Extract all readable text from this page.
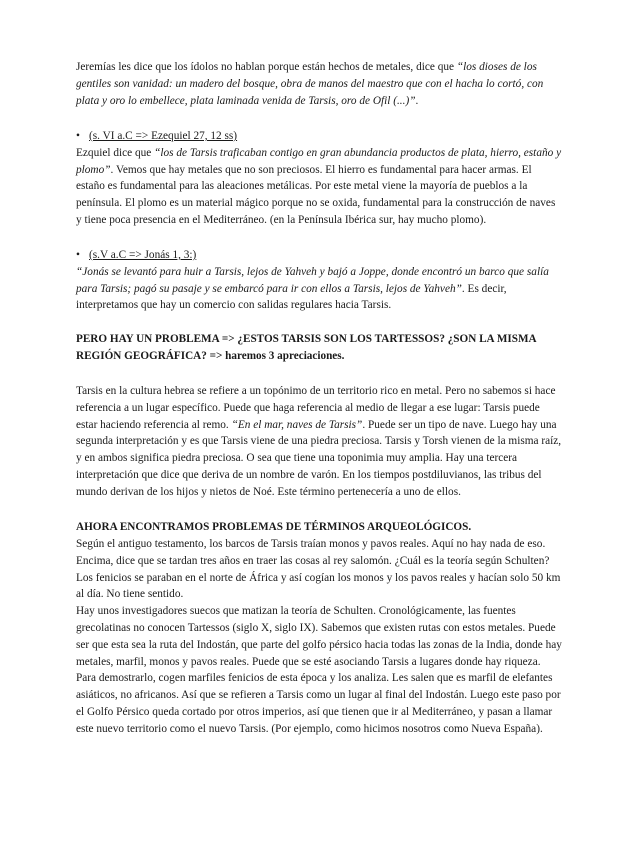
Jeremías les dice que los ídolos no hablan porque están hechos de metales, dice que “los dioses de los gentiles son vanidad: un madero del bosque, obra de manos del maestro que con el hacha lo cortó, con plata y oro lo embellece, plata laminada venida de Tarsis, oro de Ofil (...)”.

• (s. VI a.C => Ezequiel 27, 12 ss)

Ezquiel dice que “los de Tarsis traficaban contigo en gran abundancia productos de plata, hierro, estaño y plomo”. Vemos que hay metales que no son preciosos. El hierro es fundamental para hacer armas. El estaño es fundamental para las aleaciones metálicas. Por este metal viene la mayoría de pueblos a la península. El plomo es un material mágico porque no se oxida, fundamental para la construcción de naves y tiene poca presencia en el Mediterráneo. (en la Península Ibérica sur, hay mucho plomo).

• (s.V a.C => Jonás 1, 3:)

“Jonás se levantó para huir a Tarsis, lejos de Yahveh y bajó a Joppe, donde encontró un barco que salía para Tarsis; pagó su pasaje y se embarcó para ir con ellos a Tarsis, lejos de Yahveh”. Es decir, interpretamos que hay un comercio con salidas regulares hacia Tarsis.

PERO HAY UN PROBLEMA => ¿ESTOS TARSIS SON LOS TARTESSOS? ¿SON LA MISMA REGIÓN GEOGRÁFICA? => haremos 3 apreciaciones.

Tarsis en la cultura hebrea se refiere a un topónimo de un territorio rico en metal. Pero no sabemos si hace referencia a un lugar específico. Puede que haga referencia al medio de llegar a ese lugar: Tarsis puede estar haciendo referencia al remo. “En el mar, naves de Tarsis”. Puede ser un tipo de nave. Luego hay una segunda interpretación y es que Tarsis viene de una piedra preciosa. Tarsis y Torsh vienen de la misma raíz, y en ambos significa piedra preciosa. O sea que tiene una toponimia muy amplia. Hay una tercera interpretación que dice que deriva de un nombre de varón. En los tiempos postdiluvianos, las tribus del mundo derivan de los hijos y nietos de Noé. Este término pertenecería a uno de ellos.

AHORA ENCONTRAMOS PROBLEMAS DE TÉRMINOS ARQUEOLÓGICOS.

Según el antiguo testamento, los barcos de Tarsis traían monos y pavos reales. Aquí no hay nada de eso. Encima, dice que se tardan tres años en traer las cosas al rey salomón. ¿Cuál es la teoría según Schulten? Los fenicios se paraban en el norte de África y así cogían los monos y los pavos reales y hacían solo 50 km al día. No tiene sentido.

Hay unos investigadores suecos que matizan la teoría de Schulten. Cronológicamente, las fuentes grecolatinas no conocen Tartessos (siglo X, siglo IX). Sabemos que existen rutas con estos metales. Puede ser que esta sea la ruta del Indostán, que parte del golfo pérsico hacia todas las zonas de la India, donde hay metales, marfil, monos y pavos reales. Puede que se esté asociando Tarsis a lugares donde hay riqueza. Para demostrarlo, cogen marfiles fenicios de esta época y los analiza. Les salen que es marfil de elefantes asiáticos, no africanos. Así que se refieren a Tarsis como un lugar al final del Indostán. Luego este paso por el Golfo Pérsico queda cortado por otros imperios, así que tienen que ir al Mediterráneo, y pasan a llamar este nuevo territorio como el nuevo Tarsis. (Por ejemplo, como hicimos nosotros como Nueva España).
